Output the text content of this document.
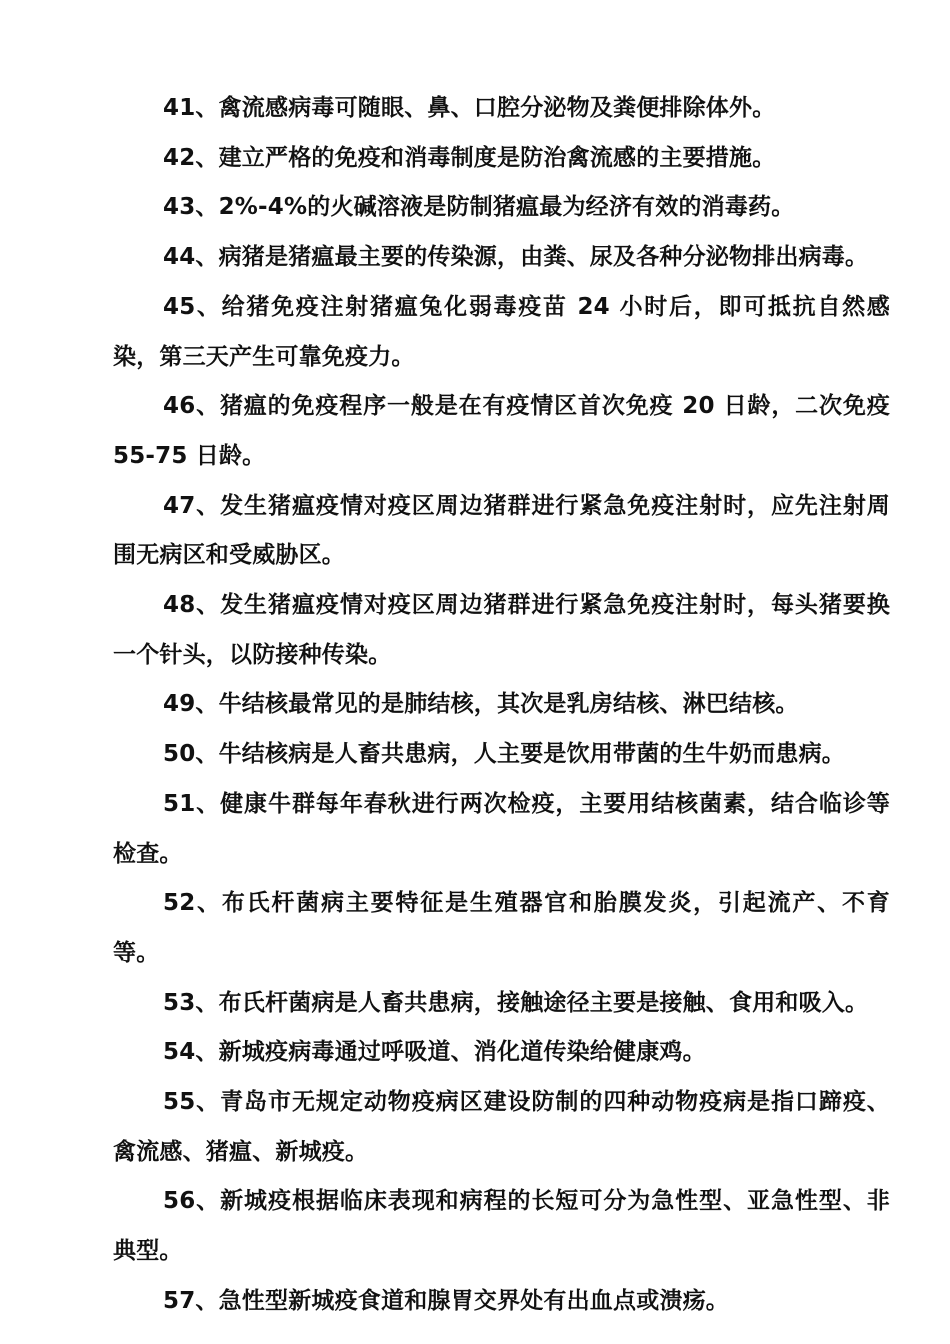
41、禽流感病毒可随眼、鼻、口腔分泌物及粪便排除体外。

42、建立严格的免疫和消毒制度是防治禽流感的主要措施。

43、2%-4%的火碱溶液是防制猪瘟最为经济有效的消毒药。

44、病猪是猪瘟最主要的传染源，由粪、尿及各种分泌物排出病毒。

45、给猪免疫注射猪瘟兔化弱毒疫苗 24 小时后，即可抵抗自然感染，第三天产生可靠免疫力。

46、猪瘟的免疫程序一般是在有疫情区首次免疫 20 日龄，二次免疫 55-75 日龄。

47、发生猪瘟疫情对疫区周边猪群进行紧急免疫注射时，应先注射周围无病区和受威胁区。

48、发生猪瘟疫情对疫区周边猪群进行紧急免疫注射时，每头猪要换一个针头，以防接种传染。

49、牛结核最常见的是肺结核，其次是乳房结核、淋巴结核。

50、牛结核病是人畜共患病，人主要是饮用带菌的生牛奶而患病。

51、健康牛群每年春秋进行两次检疫，主要用结核菌素，结合临诊等检查。

52、布氏杆菌病主要特征是生殖器官和胎膜发炎，引起流产、不育等。

53、布氏杆菌病是人畜共患病，接触途径主要是接触、食用和吸入。

54、新城疫病毒通过呼吸道、消化道传染给健康鸡。

55、青岛市无规定动物疫病区建设防制的四种动物疫病是指口蹄疫、禽流感、猪瘟、新城疫。

56、新城疫根据临床表现和病程的长短可分为急性型、亚急性型、非典型。

57、急性型新城疫食道和腺胃交界处有出血点或溃疡。
